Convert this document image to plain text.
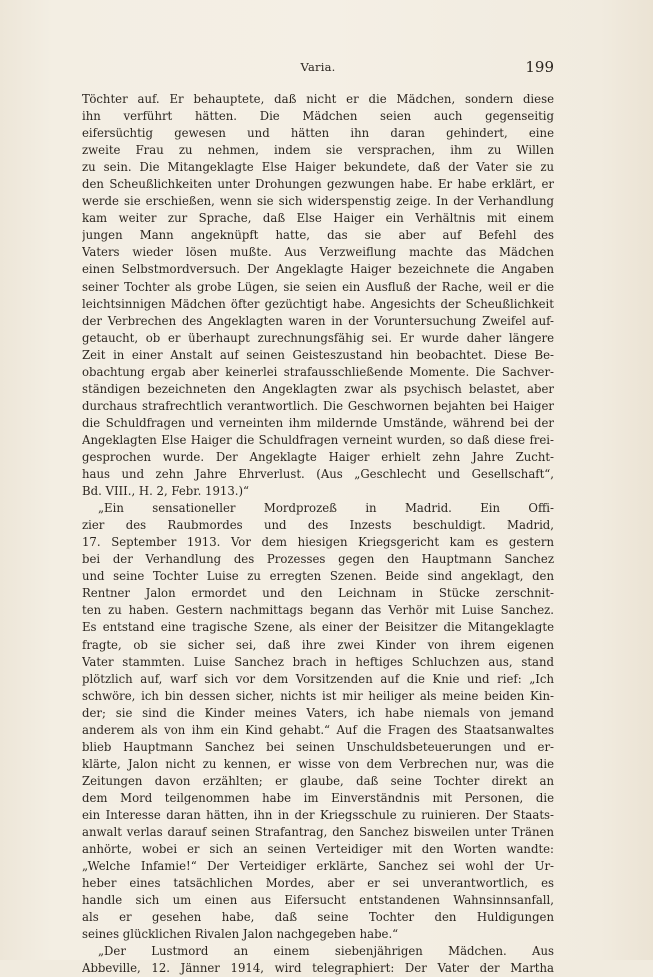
Varia.	199
Töchter auf. Er behauptete, daß nicht er die Mädchen, sondern diese
ihn verführt hätten. Die Mädchen seien auch gegenseitig
eifersüchtig gewesen und hätten ihn daran gehindert, eine
zweite Frau zu nehmen, indem sie versprachen, ihm zu Willen
zu sein. Die Mitangeklagte Else Haiger bekundete, daß der Vater sie zu
den Scheußlichkeiten unter Drohungen gezwungen habe. Er habe erklärt, er
werde sie erschießen, wenn sie sich widerspenstig zeige. In der Verhandlung
kam weiter zur Sprache, daß Else Haiger ein Verhältnis mit einem
jungen Mann angeknüpft hatte, das sie aber auf Befehl des
Vaters wieder lösen mußte. Aus Verzweiflung machte das Mädchen
einen Selbstmordversuch. Der Angeklagte Haiger bezeichnete die Angaben
seiner Tochter als grobe Lügen, sie seien ein Ausfluß der Rache, weil er die
leichtsinnigen Mädchen öfter gezüchtigt habe. Angesichts der Scheußlichkeit
der Verbrechen des Angeklagten waren in der Voruntersuchung Zweifel auf-
getaucht, ob er überhaupt zurechnungsfähig sei. Er wurde daher längere
Zeit in einer Anstalt auf seinen Geisteszustand hin beobachtet. Diese Be-
obachtung ergab aber keinerlei strafausschließende Momente. Die Sachver-
ständigen bezeichneten den Angeklagten zwar als psychisch belastet, aber
durchaus strafrechtlich verantwortlich. Die Geschwornen bejahten bei Haiger
die Schuldfragen und verneinten ihm mildernde Umstände, während bei der
Angeklagten Else Haiger die Schuldfragen verneint wurden, so daß diese frei-
gesprochen wurde. Der Angeklagte Haiger erhielt zehn Jahre Zucht-
haus und zehn Jahre Ehrverlust. (Aus „Geschlecht und Gesellschaft“,
Bd. VIII., H. 2, Febr. 1913.)“
„Ein sensationeller Mordprozeß in Madrid. Ein Offi-
zier des Raubmordes und des Inzests beschuldigt. Madrid,
17. September 1913. Vor dem hiesigen Kriegsgericht kam es gestern
bei der Verhandlung des Prozesses gegen den Hauptmann Sanchez
und seine Tochter Luise zu erregten Szenen. Beide sind angeklagt, den
Rentner Jalon ermordet und den Leichnam in Stücke zerschnit-
ten zu haben. Gestern nachmittags begann das Verhör mit Luise Sanchez.
Es entstand eine tragische Szene, als einer der Beisitzer die Mitangeklagte
fragte, ob sie sicher sei, daß ihre zwei Kinder von ihrem eigenen
Vater stammten. Luise Sanchez brach in heftiges Schluchzen aus, stand
plötzlich auf, warf sich vor dem Vorsitzenden auf die Knie und rief: „Ich
schwöre, ich bin dessen sicher, nichts ist mir heiliger als meine beiden Kin-
der; sie sind die Kinder meines Vaters, ich habe niemals von jemand
anderem als von ihm ein Kind gehabt.“ Auf die Fragen des Staatsanwaltes
blieb Hauptmann Sanchez bei seinen Unschuldsbeteuerungen und er-
klärte, Jalon nicht zu kennen, er wisse von dem Verbrechen nur, was die
Zeitungen davon erzählten; er glaube, daß seine Tochter direkt an
dem Mord teilgenommen habe im Einverständnis mit Personen, die
ein Interesse daran hätten, ihn in der Kriegsschule zu ruinieren. Der Staats-
anwalt verlas darauf seinen Strafantrag, den Sanchez bisweilen unter Tränen
anhörte, wobei er sich an seinen Verteidiger mit den Worten wandte:
„Welche Infamie!“ Der Verteidiger erklärte, Sanchez sei wohl der Ur-
heber eines tatsächlichen Mordes, aber er sei unverantwortlich, es
handle sich um einen aus Eifersucht entstandenen Wahnsinnsanfall,
als er gesehen habe, daß seine Tochter den Huldigungen
seines glücklichen Rivalen Jalon nachgegeben habe.“
„Der Lustmord an einem siebenjährigen Mädchen. Aus
Abbeville, 12. Jänner 1914, wird telegraphiert: Der Vater der Martha
